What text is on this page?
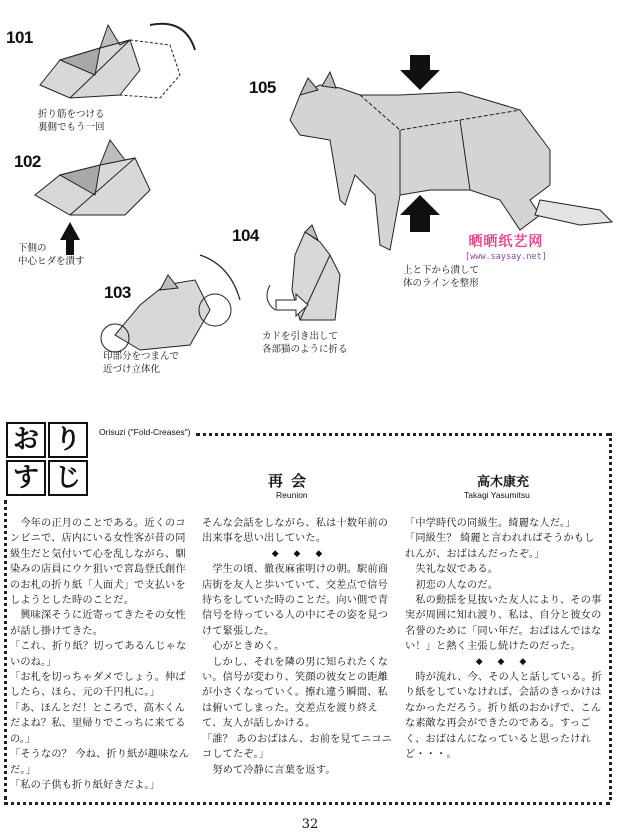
101
折り筋をつける
裏側でもう一回
102
下側の
中心ヒダを潰す
103
印部分をつまんで
近づけ立体化
104
カドを引き出して
各部猫のように折る
105
上と下から潰して
体のラインを整形
晒晒纸艺网
[www.saysay.net]
お り
す じ
Orisuzi ("Fold-Creases")
再会
Reunion
高木康充
Takagi Yasumitsu

　今年の正月のことである。近くのコンビニで、店内にいる女性客が昔の同級生だと気付いて心を乱しながら、馴染みの店員にウケ狙いで宮島登氏創作のお札の折り紙「人面犬」で支払いをしようとした時のことだ。

　興味深そうに近寄ってきたその女性が話し掛けてきた。

「これ、折り紙？切ってあるんじゃないのね。」

「お札を切っちゃダメでしょう。伸ばしたら、ほら、元の千円札に。」

「あ、ほんとだ！ところで、高木くんだよね？私、里帰りでこっちに来てるの。」

「そうなの？ 今ね、折り紙が趣味なんだ。」

「私の子供も折り紙好きだよ。」

そんな会話をしながら、私は十数年前の出来事を思い出していた。

◆ ◆ ◆

　学生の頃、徹夜麻雀明けの朝。駅前商店街を友人と歩いていて、交差点で信号待ちをしていた時のことだ。向い側で青信号を待っている人の中にその姿を見つけて緊張した。

　心がときめく。

　しかし、それを隣の男に知られたくない。信号が変わり、笑顔の彼女との距離が小さくなっていく。擦れ違う瞬間、私は俯いてしまった。交差点を渡り終えて、友人が話しかける。

「誰？ あのおばはん、お前を見てニコニコしてたぞ。」

　努めて冷静に言葉を返す。

「中学時代の同級生。綺麗な人だ。」

「同級生？ 綺麗と言われればそうかもしれんが、おばはんだったぞ。」

　失礼な奴である。

　初恋の人なのだ。

　私の動揺を見抜いた友人により、その事実が周囲に知れ渡り、私は、自分と彼女の名誉のために「同い年だ。おばはんではない！」と熱く主張し続けたのだった。

◆ ◆ ◆

　時が流れ、今、その人と話している。折り紙をしていなければ、会話のきっかけはなかっただろう。折り紙のおかげで、こんな素敵な再会ができたのである。すっごく、おばはんになっていると思ったけれど・・・。

32
